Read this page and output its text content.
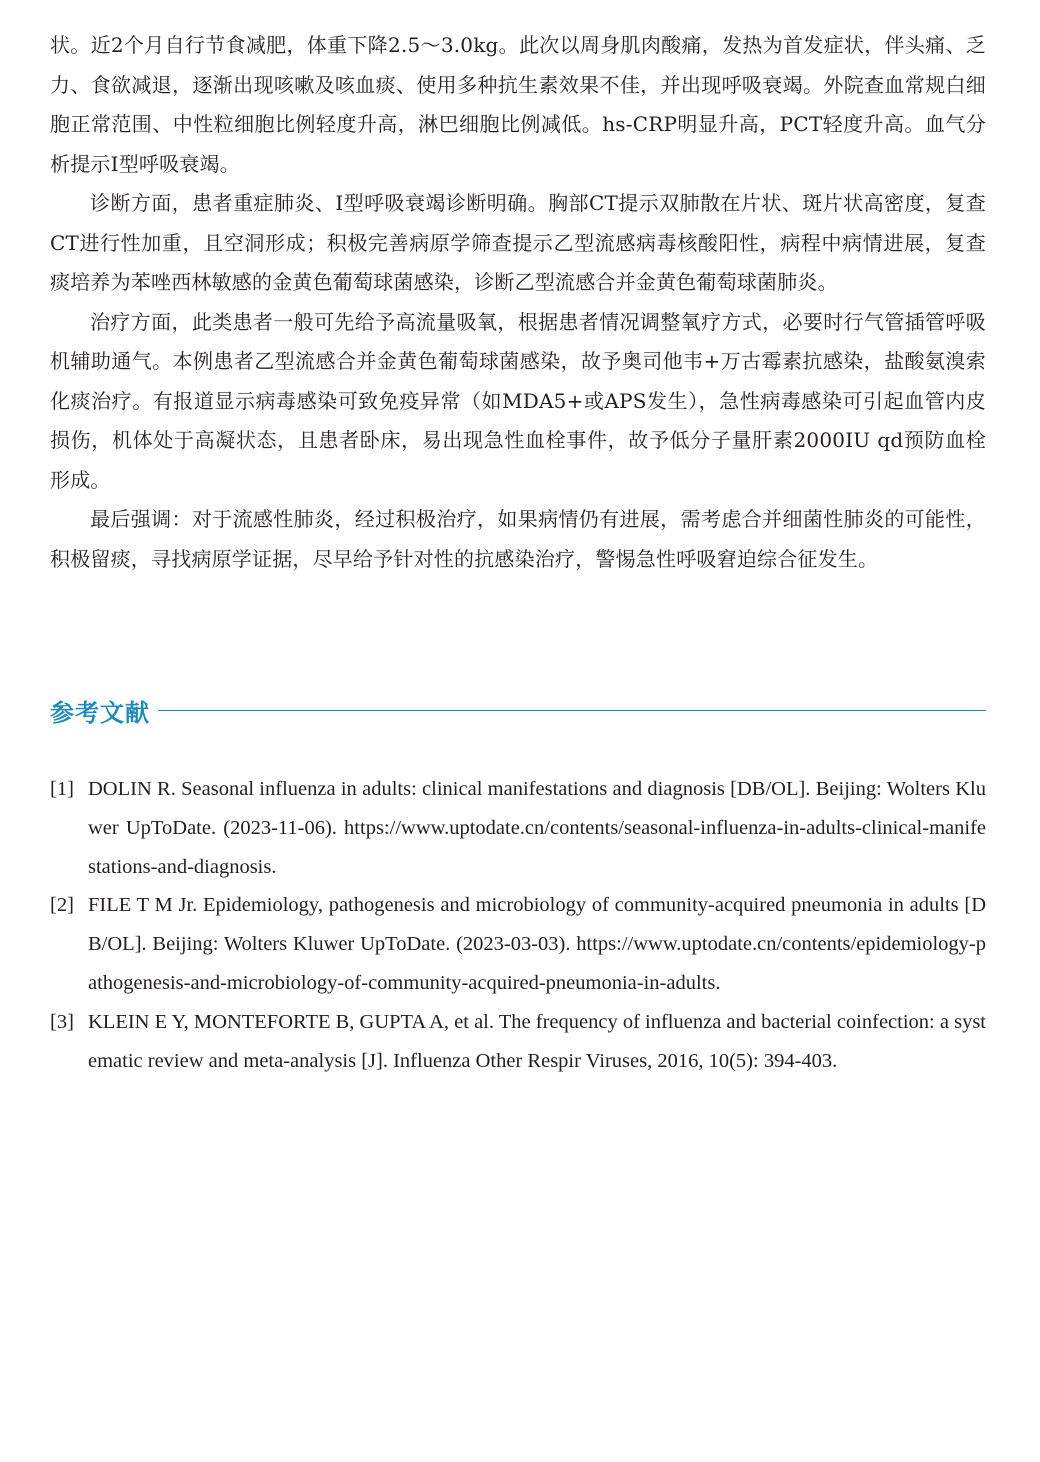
状。近2个月自行节食减肥，体重下降2.5～3.0kg。此次以周身肌肉酸痛，发热为首发症状，伴头痛、乏力、食欲减退，逐渐出现咳嗽及咳血痰、使用多种抗生素效果不佳，并出现呼吸衰竭。外院查血常规白细胞正常范围、中性粒细胞比例轻度升高，淋巴细胞比例减低。hs-CRP明显升高，PCT轻度升高。血气分析提示Ⅰ型呼吸衰竭。

诊断方面，患者重症肺炎、Ⅰ型呼吸衰竭诊断明确。胸部CT提示双肺散在片状、斑片状高密度，复查CT进行性加重，且空洞形成；积极完善病原学筛查提示乙型流感病毒核酸阳性，病程中病情进展，复查痰培养为苯唑西林敏感的金黄色葡萄球菌感染，诊断乙型流感合并金黄色葡萄球菌肺炎。

治疗方面，此类患者一般可先给予高流量吸氧，根据患者情况调整氧疗方式，必要时行气管插管呼吸机辅助通气。本例患者乙型流感合并金黄色葡萄球菌感染，故予奥司他韦+万古霉素抗感染，盐酸氨溴索化痰治疗。有报道显示病毒感染可致免疫异常（如MDA5+或APS发生），急性病毒感染可引起血管内皮损伤，机体处于高凝状态，且患者卧床，易出现急性血栓事件，故予低分子量肝素2000IU qd预防血栓形成。

最后强调：对于流感性肺炎，经过积极治疗，如果病情仍有进展，需考虑合并细菌性肺炎的可能性，积极留痰，寻找病原学证据，尽早给予针对性的抗感染治疗，警惕急性呼吸窘迫综合征发生。

参考文献
[1] DOLIN R. Seasonal influenza in adults: clinical manifestations and diagnosis [DB/OL]. Beijing: Wolters Kluwer UpToDate. (2023-11-06). https://www.uptodate.cn/contents/seasonal-influenza-in-adults-clinical-manifestations-and-diagnosis.
[2] FILE T M Jr. Epidemiology, pathogenesis and microbiology of community-acquired pneumonia in adults [DB/OL]. Beijing: Wolters Kluwer UpToDate. (2023-03-03). https://www.uptodate.cn/contents/epidemiology-pathogenesis-and-microbiology-of-community-acquired-pneumonia-in-adults.
[3] KLEIN E Y, MONTEFORTE B, GUPTA A, et al. The frequency of influenza and bacterial coinfection: a systematic review and meta-analysis [J]. Influenza Other Respir Viruses, 2016, 10(5): 394-403.
